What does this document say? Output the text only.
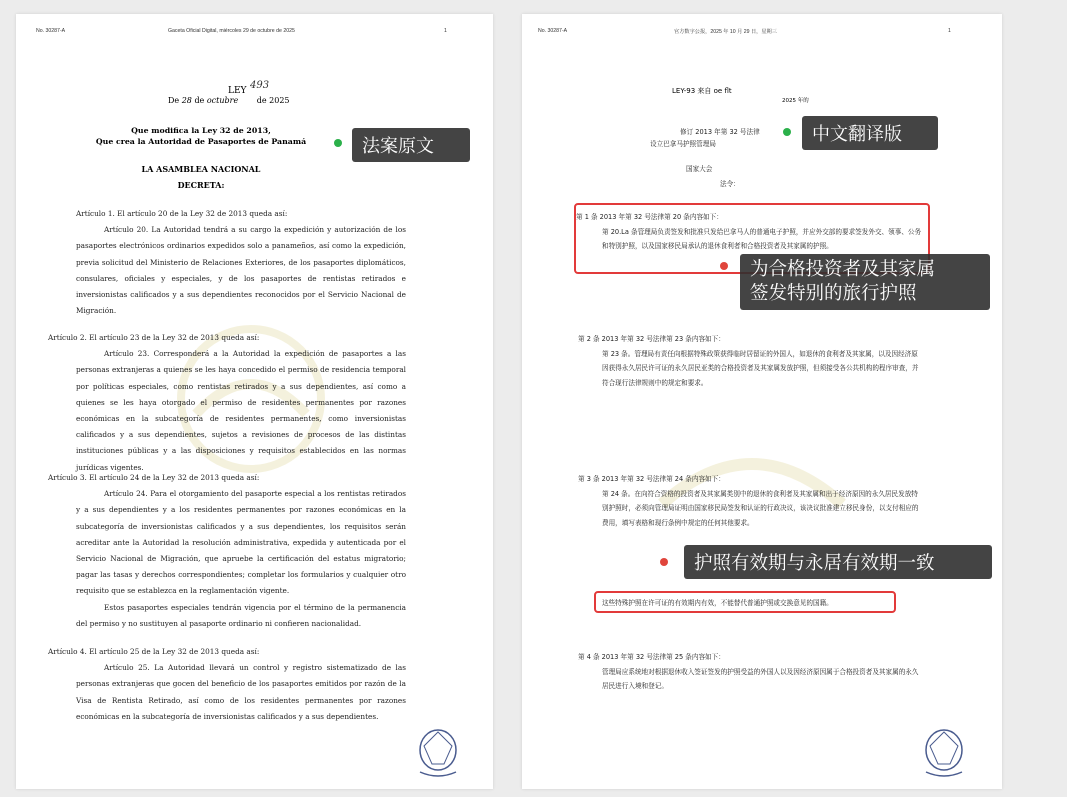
No. 30287-A	Gaceta Oficial Digital, miércoles 29 de octubre de 2025	1
LEY 493
De 28 de octubre de 2025
Que modifica la Ley 32 de 2013,
Que crea la Autoridad de Pasaportes de Panamá
LA ASAMBLEA NACIONAL
DECRETA:

Artículo 1. El artículo 20 de la Ley 32 de 2013 queda así:

Artículo 20. La Autoridad tendrá a su cargo la expedición y autorización de los pasaportes electrónicos ordinarios expedidos solo a panameños, así como la expedición, previa solicitud del Ministerio de Relaciones Exteriores, de los pasaportes diplomáticos, consulares, oficiales y especiales, y de los pasaportes de rentistas retirados e inversionistas calificados y a sus dependientes reconocidos por el Servicio Nacional de Migración.

Artículo 2. El artículo 23 de la Ley 32 de 2013 queda así:

Artículo 23. Corresponderá a la Autoridad la expedición de pasaportes a las personas extranjeras a quienes se les haya concedido el permiso de residencia temporal por políticas especiales, como rentistas retirados y a sus dependientes, así como a quienes se les haya otorgado el permiso de residentes permanentes por razones económicas en la subcategoría de residentes permanentes, como inversionistas calificados y a sus dependientes, sujetos a revisiones de procesos de las distintas instituciones públicas y a las disposiciones y requisitos establecidos en las normas jurídicas vigentes.

Artículo 3. El artículo 24 de la Ley 32 de 2013 queda así:

Artículo 24. Para el otorgamiento del pasaporte especial a los rentistas retirados y a sus dependientes y a los residentes permanentes por razones económicas en la subcategoría de inversionistas calificados y a sus dependientes, los requisitos serán acreditar ante la Autoridad la resolución administrativa, expedida y autenticada por el Servicio Nacional de Migración, que apruebe la certificación del estatus migratorio; pagar las tasas y derechos correspondientes; completar los formularios y cualquier otro requisito que se establezca en la reglamentación vigente.

Estos pasaportes especiales tendrán vigencia por el término de la permanencia del permiso y no sustituyen al pasaporte ordinario ni confieren nacionalidad.

Artículo 4. El artículo 25 de la Ley 32 de 2013 queda así:

Artículo 25. La Autoridad llevará un control y registro sistematizado de las personas extranjeras que gocen del beneficio de los pasaportes emitidos por razón de la Visa de Rentista Retirado, así como de los residentes permanentes por razones económicas en la subcategoría de inversionistas calificados y a sus dependientes.

法案原文
No. 30287-A	官方数字公报，2025 年 10 月 29 日，星期三	1
LEY-93 来自 oe flt
2025 年的
修订 2013 年第 32 号法律
设立巴拿马护照管理局
国家大会
法令：
第 1 条 2013 年第 32 号法律第 20 条内容如下：
第 20.La 条管理局负责签发和批准只发给巴拿马人的普通电子护照，并应外交部的要求签发外交、领事、公务和特别护照，以及国家移民局承认的退休食利者和合格投资者及其家属的护照。
第 2 条 2013 年第 32 号法律第 23 条内容如下：
第 23 条。管理局有责任向根据特殊政策获得临时居留证的外国人，如退休的食利者及其家属，以及因经济原因获得永久居民许可证的永久居民亚类的合格投资者及其家属发放护照，但须接受各公共机构的程序审查，并符合现行法律规则中的规定和要求。
第 3 条 2013 年第 32 号法律第 24 条内容如下：
第 24 条。在向符合资格的投资者及其家属类别中的退休的食利者及其家属和出于经济原因的永久居民发放特别护照时，必须向管理局证明由国家移民局签发和认证的行政决议，该决议批准建立移民身份，以支付相应的费用，填写表格和现行条例中规定的任何其他要求。
这些特殊护照在许可证的有效期内有效，不能替代普通护照或交换意见的国籍。
第 4 条 2013 年第 32 号法律第 25 条内容如下：
管理局应系统地对根据退休收入签证签发的护照受益的外国人以及因经济原因属于合格投资者及其家属的永久居民进行入境和登记。
中文翻译版
为合格投资者及其家属
签发特别的旅行护照
护照有效期与永居有效期一致
